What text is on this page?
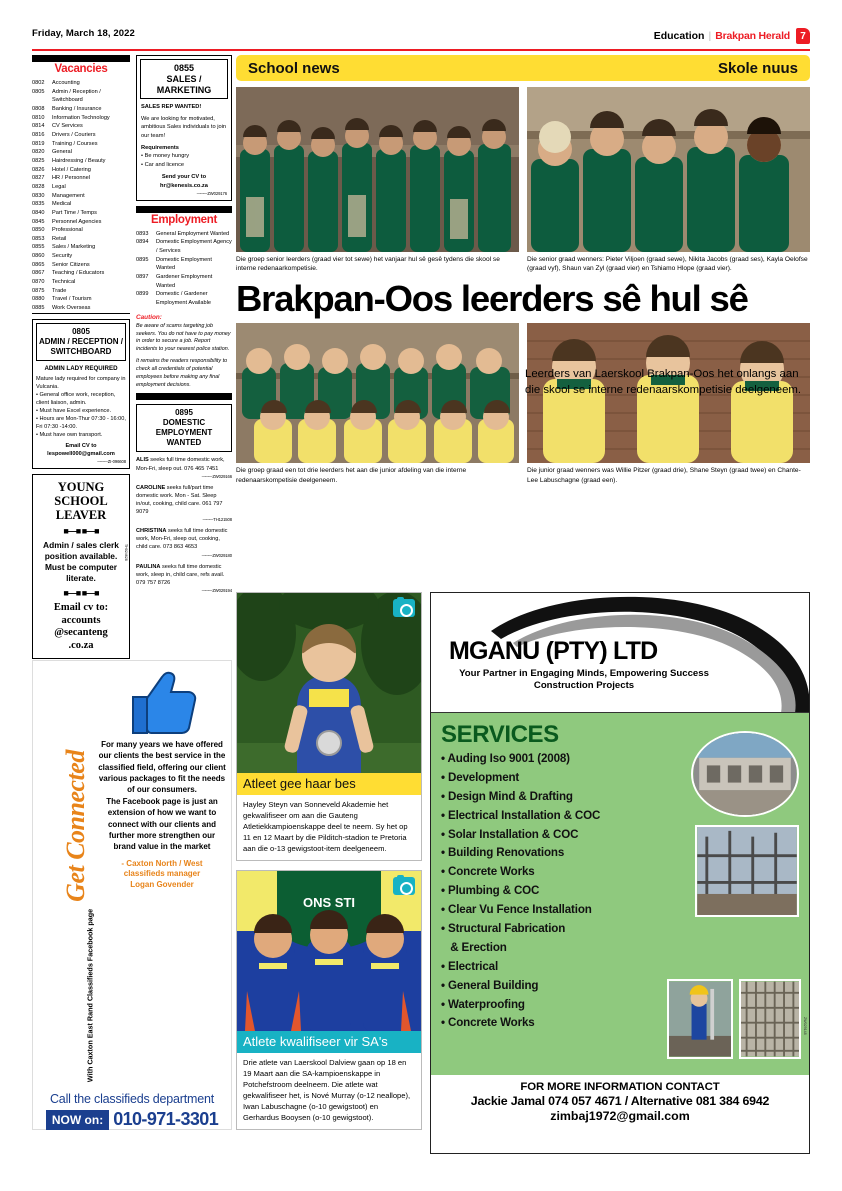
Friday, March 18, 2022	Education | Brakpan Herald	7
Vacancies
0802	Accounting
0805	Admin / Reception / Switchboard
0808	Banking / Insurance
0810	Information Technology
0814	CV Services
0816	Drivers / Couriers
0819	Training / Courses
0820	General
0825	Hairdressing / Beauty
0826	Hotel / Catering
0827	HR / Personnel
0828	Legal
0830	Management
0835	Medical
0840	Part Time / Temps
0845	Personnel Agencies
0850	Professional
0853	Retail
0855	Sales / Marketing
0860	Security
0865	Senior Citizens
0867	Teaching / Educators
0870	Technical
0875	Trade
0880	Travel / Tourism
0885	Work Overseas
0805
ADMIN / RECEPTION / SWITCHBOARD
ADMIN LADY REQUIRED
Mature lady required for company in Vulcania.
• General office work, reception, client liaison, admin.
• Must have Excel experience.
• Hours are Mon-Thur 07:30 - 16:00, Fri 07:30 -14:00.
• Must have own transport.
Email CV to
lespowell000@gmail.com
——— ZI-096608
YOUNG
SCHOOL
LEAVER
■—■ ■—■
Admin / sales clerk position available. Must be computer literate.
■—■ ■—■
Email cv to:
accounts
@secanteng
.co.za
TH024628
0855
SALES / MARKETING
SALES REP WANTED!
We are looking for motivated, ambitious Sales individuals to join our team!
Requirements
• Be money hungry
• Car and licence
Send your CV to
hr@kenesis.co.za
——— ZW029176
Employment
0893	General Employment Wanted
0894	Domestic Employment Agency / Services
0895	Domestic Employment Wanted
0897	Gardener Employment Wanted
0899	Domestic / Gardener Employment Available
Caution:
Be aware of scams targeting job seekers. You do not have to pay money in order to secure a job. Report incidents to your nearest police station.
It remains the readers responsibility to check all credentials of potential employees before making any final employment decisions.
0895
DOMESTIC EMPLOYMENT WANTED
ALIS seeks full time domestic work, Mon-Fri, sleep out. 076 465 7451
——— ZW029166
CAROLINE seeks full/part time domestic work. Mon - Sat. Sleep in/out, cooking, child care. 061 797 9079
——— TH121508
CHRISTINA seeks full time domestic work, Mon-Fri, sleep out, cooking, child care. 073 863 4653
——— ZW029180
PAULINA seeks full time domestic work, sleep in, child care, refs avail. 079 757 8726
——— ZW029194
Get Connected
With Caxton East Rand Classifieds Facebook page
For many years we have offered our clients the best service in the classified field, offering our client various packages to fit the needs of our consumers.
The Facebook page is just an extension of how we want to connect with our clients and further more strengthen our brand value in the market
- Caxton North / West
classifieds manager
Logan Govender
Call the classifieds department
NOW on: 010-971-3301
School news	Skole nuus
Die groep senior leerders (graad vier tot sewe) het vanjaar hul sê gesê tydens die skool se interne redenaarkompetisie.
Die senior graad wenners: Pieter Viljoen (graad sewe), Nikita Jacobs (graad ses), Kayla Oelofse (graad vyf), Shaun van Zyl (graad vier) en Tshiamo Hlope (graad vier).
Brakpan-Oos leerders sê hul sê
Die groep graad een tot drie leerders het aan die junior afdeling van die interne redenaarskompetisie deelgeneem.
Die junior graad wenners was Willie Pitzer (graad drie), Shane Steyn (graad twee) en Chante-Lee Labuschagne (graad een).
Leerders van Laerskool Brakpan-Oos het onlangs aan die skool se interne redenaarskompetisie deelgeneem.
Atleet gee haar bes
Hayley Steyn van Sonneveld Akademie het gekwalifiseer om aan die Gauteng Atletiekkampioenskappe deel te neem. Sy het op 11 en 12 Maart by die Pilditch-stadion te Pretoria aan die o-13 gewigstoot-item deelgeneem.
ONS STI
Atlete kwalifiseer vir SA's
Drie atlete van Laerskool Dalview gaan op 18 en 19 Maart aan die SA-kampioenskappe in Potchefstroom deelneem. Die atlete wat gekwalifiseer het, is Nové Murray (o-12 neallope), Iwan Labuschagne (o-10 gewigstoot) en Gerhardus Booysen (o-10 gewigstoot).
MGANU (PTY) LTD
Your Partner in Engaging Minds, Empowering Success Construction Projects
SERVICES
• Auding Iso 9001 (2008)
• Development
• Design Mind & Drafting
• Electrical Installation & COC
• Solar Installation & COC
• Building Renovations
• Concrete Works
• Plumbing & COC
• Clear Vu Fence Installation
• Structural Fabrication
& Erection
• Electrical
• General Building
• Waterproofing
• Concrete Works	ZW029148
FOR MORE INFORMATION CONTACT
Jackie Jamal 074 057 4671 / Alternative 081 384 6942
zimbaj1972@gmail.com
